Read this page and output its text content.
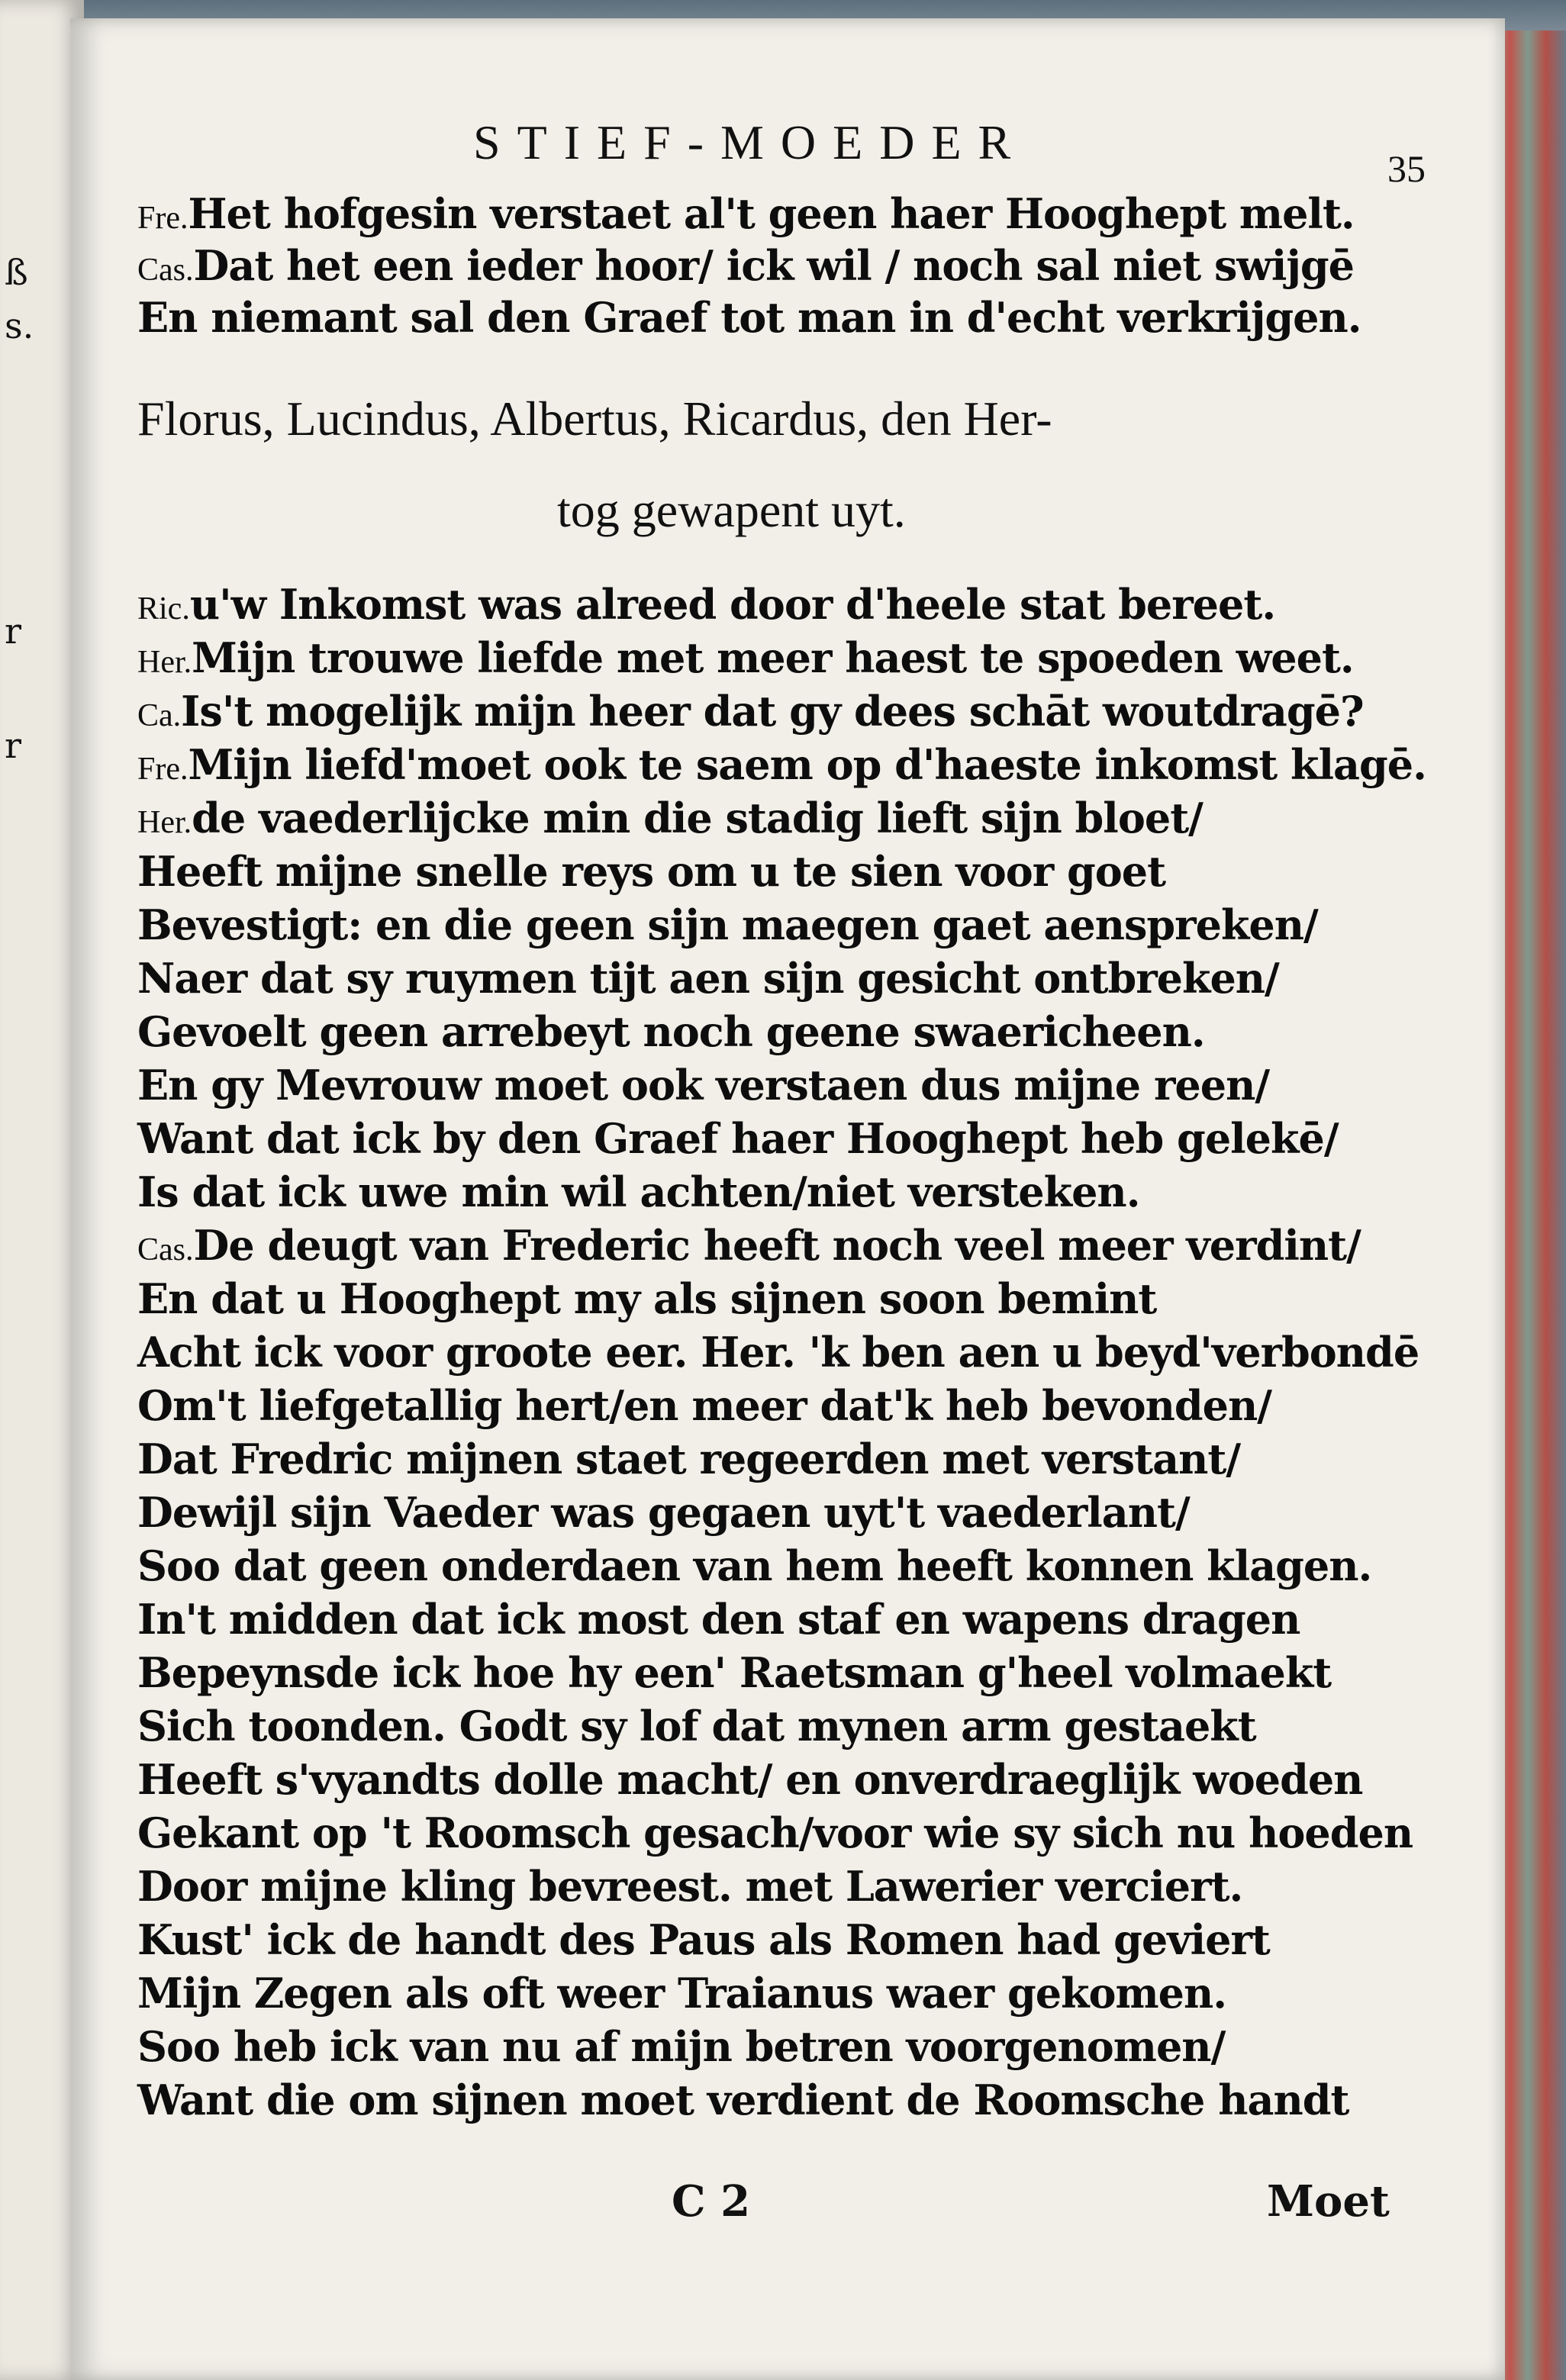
ß
s.
r
r
STIEF-MOEDER	35
Fre.Het hofgesin verstaet al't geen haer Hooghept melt.
Cas.Dat het een ieder hoor/ ick wil / noch sal niet swijgē
En niemant sal den Graef tot man in d'echt verkrijgen.
Florus, Lucindus, Albertus, Ricardus, den Her-
tog gewapent uyt.
Ric.u'w Inkomst was alreed door d'heele stat bereet.
Her.Mijn trouwe liefde met meer haest te spoeden weet.
Ca.Is't mogelijk mijn heer dat gy dees schāt woutdragē?
Fre.Mijn liefd'moet ook te saem op d'haeste inkomst klagē.
Her.de vaederlijcke min die stadig lieft sijn bloet/
Heeft mijne snelle reys om u te sien voor goet
Bevestigt: en die geen sijn maegen gaet aenspreken/
Naer dat sy ruymen tijt aen sijn gesicht ontbreken/
Gevoelt geen arrebeyt noch geene swaericheen.
En gy Mevrouw moet ook verstaen dus mijne reen/
Want dat ick by den Graef haer Hooghept heb gelekē/
Is dat ick uwe min wil achten/niet versteken.
Cas.De deugt van Frederic heeft noch veel meer verdint/
En dat u Hooghept my als sijnen soon bemint
Acht ick voor groote eer. Her. 'k ben aen u beyd'verbondē
Om't liefgetallig hert/en meer dat'k heb bevonden/
Dat Fredric mijnen staet regeerden met verstant/
Dewijl sijn Vaeder was gegaen uyt't vaederlant/
Soo dat geen onderdaen van hem heeft konnen klagen.
In't midden dat ick most den staf en wapens dragen
Bepeynsde ick hoe hy een' Raetsman g'heel volmaekt
Sich toonden. Godt sy lof dat mynen arm gestaekt
Heeft s'vyandts dolle macht/ en onverdraeglijk woeden
Gekant op 't Roomsch gesach/voor wie sy sich nu hoeden
Door mijne kling bevreest. met Lawerier verciert.
Kust' ick de handt des Paus als Romen had geviert
Mijn Zegen als oft weer Traianus waer gekomen.
Soo heb ick van nu af mijn betren voorgenomen/
Want die om sijnen moet verdient de Roomsche handt
C 2	Moet
